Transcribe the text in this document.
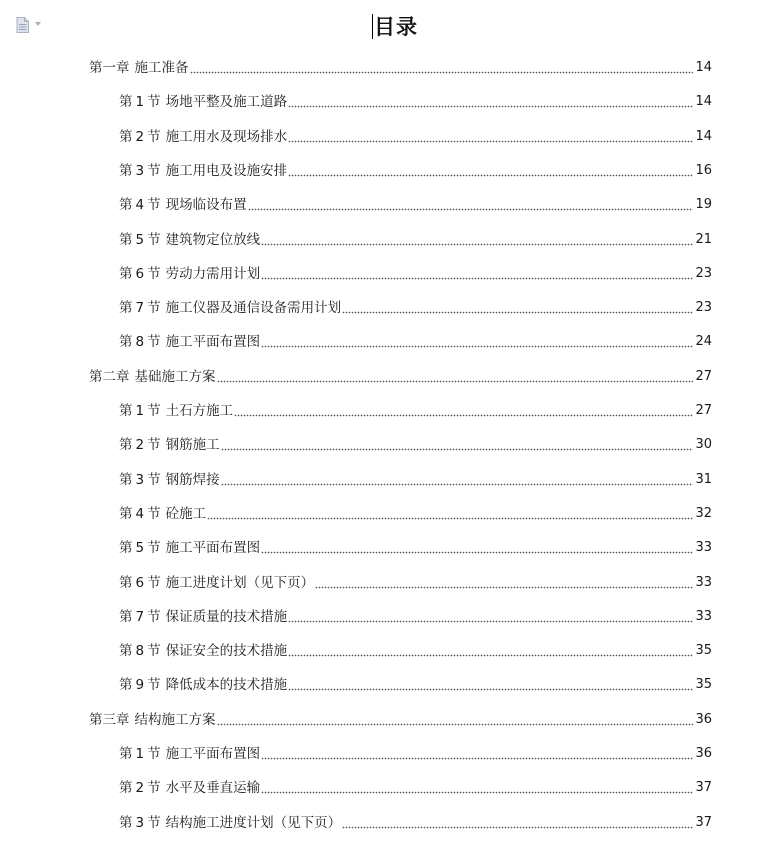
目录
第一章 施工准备	14
第 1 节 场地平整及施工道路	14
第 2 节 施工用水及现场排水	14
第 3 节 施工用电及设施安排	16
第 4 节 现场临设布置	19
第 5 节 建筑物定位放线	21
第 6 节 劳动力需用计划	23
第 7 节 施工仪器及通信设备需用计划	23
第 8 节 施工平面布置图	24
第二章 基础施工方案	27
第 1 节 土石方施工	27
第 2 节 钢筋施工	30
第 3 节 钢筋焊接	31
第 4 节 砼施工	32
第 5 节 施工平面布置图	33
第 6 节 施工进度计划（见下页）	33
第 7 节 保证质量的技术措施	33
第 8 节 保证安全的技术措施	35
第 9 节 降低成本的技术措施	35
第三章 结构施工方案	36
第 1 节 施工平面布置图	36
第 2 节 水平及垂直运输	37
第 3 节 结构施工进度计划（见下页）	37
